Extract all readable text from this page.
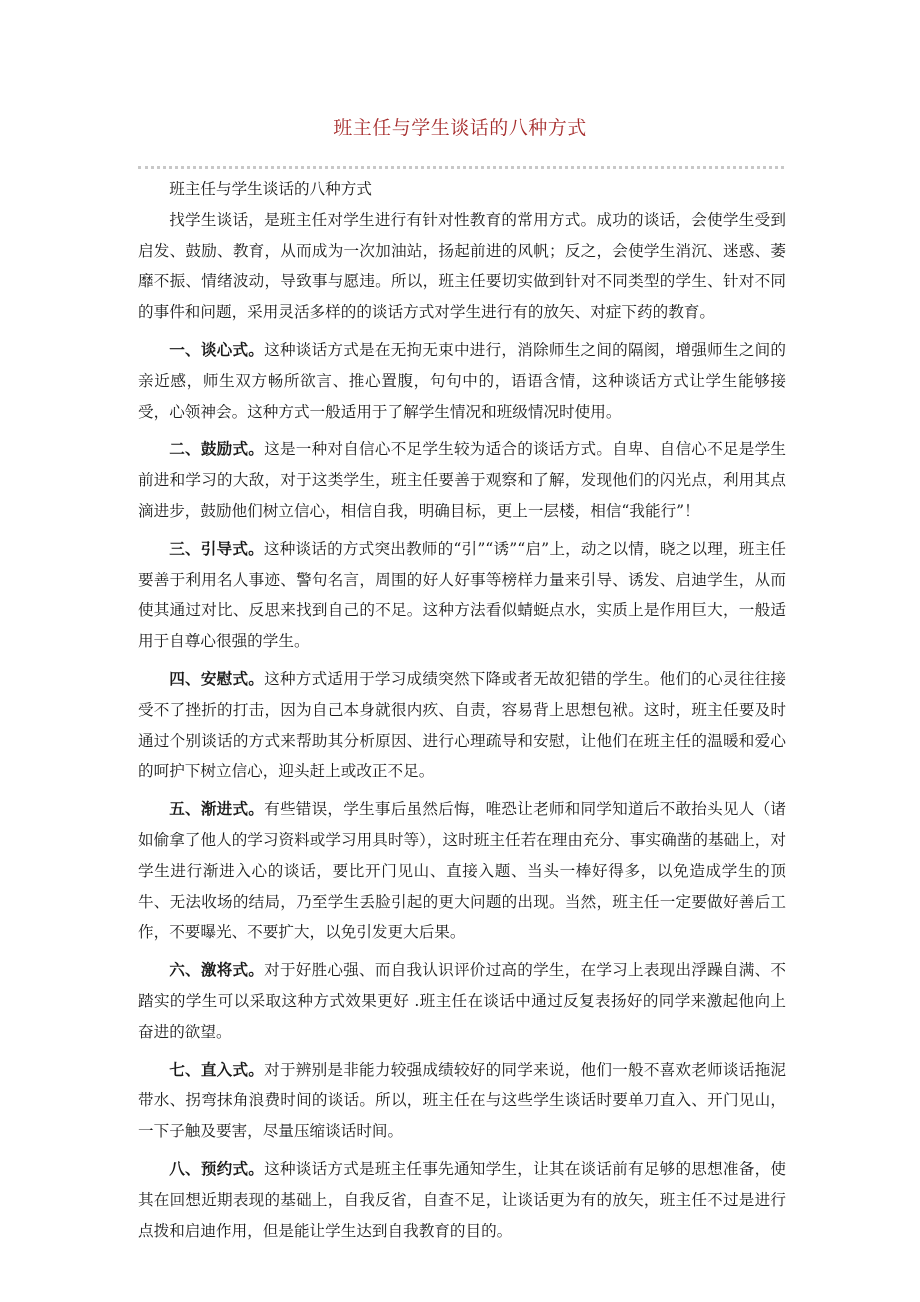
班主任与学生谈话的八种方式

班主任与学生谈话的八种方式

找学生谈话，是班主任对学生进行有针对性教育的常用方式。成功的谈话，会使学生受到启发、鼓励、教育，从而成为一次加油站，扬起前进的风帆；反之，会使学生消沉、迷惑、萎靡不振、情绪波动，导致事与愿违。所以，班主任要切实做到针对不同类型的学生、针对不同的事件和问题，采用灵活多样的的谈话方式对学生进行有的放矢、对症下药的教育。

一、谈心式。这种谈话方式是在无拘无束中进行，消除师生之间的隔阂，增强师生之间的亲近感，师生双方畅所欲言、推心置腹，句句中的，语语含情，这种谈话方式让学生能够接受，心领神会。这种方式一般适用于了解学生情况和班级情况时使用。

二、鼓励式。这是一种对自信心不足学生较为适合的谈话方式。自卑、自信心不足是学生前进和学习的大敌，对于这类学生，班主任要善于观察和了解，发现他们的闪光点，利用其点滴进步，鼓励他们树立信心，相信自我，明确目标，更上一层楼，相信“我能行”！

三、引导式。这种谈话的方式突出教师的“引”“诱”“启”上，动之以情，晓之以理，班主任要善于利用名人事迹、警句名言，周围的好人好事等榜样力量来引导、诱发、启迪学生，从而使其通过对比、反思来找到自己的不足。这种方法看似蜻蜓点水，实质上是作用巨大，一般适用于自尊心很强的学生。

四、安慰式。这种方式适用于学习成绩突然下降或者无故犯错的学生。他们的心灵往往接受不了挫折的打击，因为自己本身就很内疚、自责，容易背上思想包袱。这时，班主任要及时通过个别谈话的方式来帮助其分析原因、进行心理疏导和安慰，让他们在班主任的温暖和爱心的呵护下树立信心，迎头赶上或改正不足。

五、渐进式。有些错误，学生事后虽然后悔，唯恐让老师和同学知道后不敢抬头见人（诸如偷拿了他人的学习资料或学习用具时等），这时班主任若在理由充分、事实确凿的基础上，对学生进行渐进入心的谈话，要比开门见山、直接入题、当头一棒好得多，以免造成学生的顶牛、无法收场的结局，乃至学生丢脸引起的更大问题的出现。当然，班主任一定要做好善后工作，不要曝光、不要扩大，以免引发更大后果。

六、激将式。对于好胜心强、而自我认识评价过高的学生，在学习上表现出浮躁自满、不踏实的学生可以采取这种方式效果更好 .班主任在谈话中通过反复表扬好的同学来激起他向上奋进的欲望。

七、直入式。对于辨别是非能力较强成绩较好的同学来说，他们一般不喜欢老师谈话拖泥带水、拐弯抹角浪费时间的谈话。所以，班主任在与这些学生谈话时要单刀直入、开门见山，一下子触及要害，尽量压缩谈话时间。

八、预约式。这种谈话方式是班主任事先通知学生，让其在谈话前有足够的思想准备，使其在回想近期表现的基础上，自我反省，自查不足，让谈话更为有的放矢，班主任不过是进行点拨和启迪作用，但是能让学生达到自我教育的目的。
